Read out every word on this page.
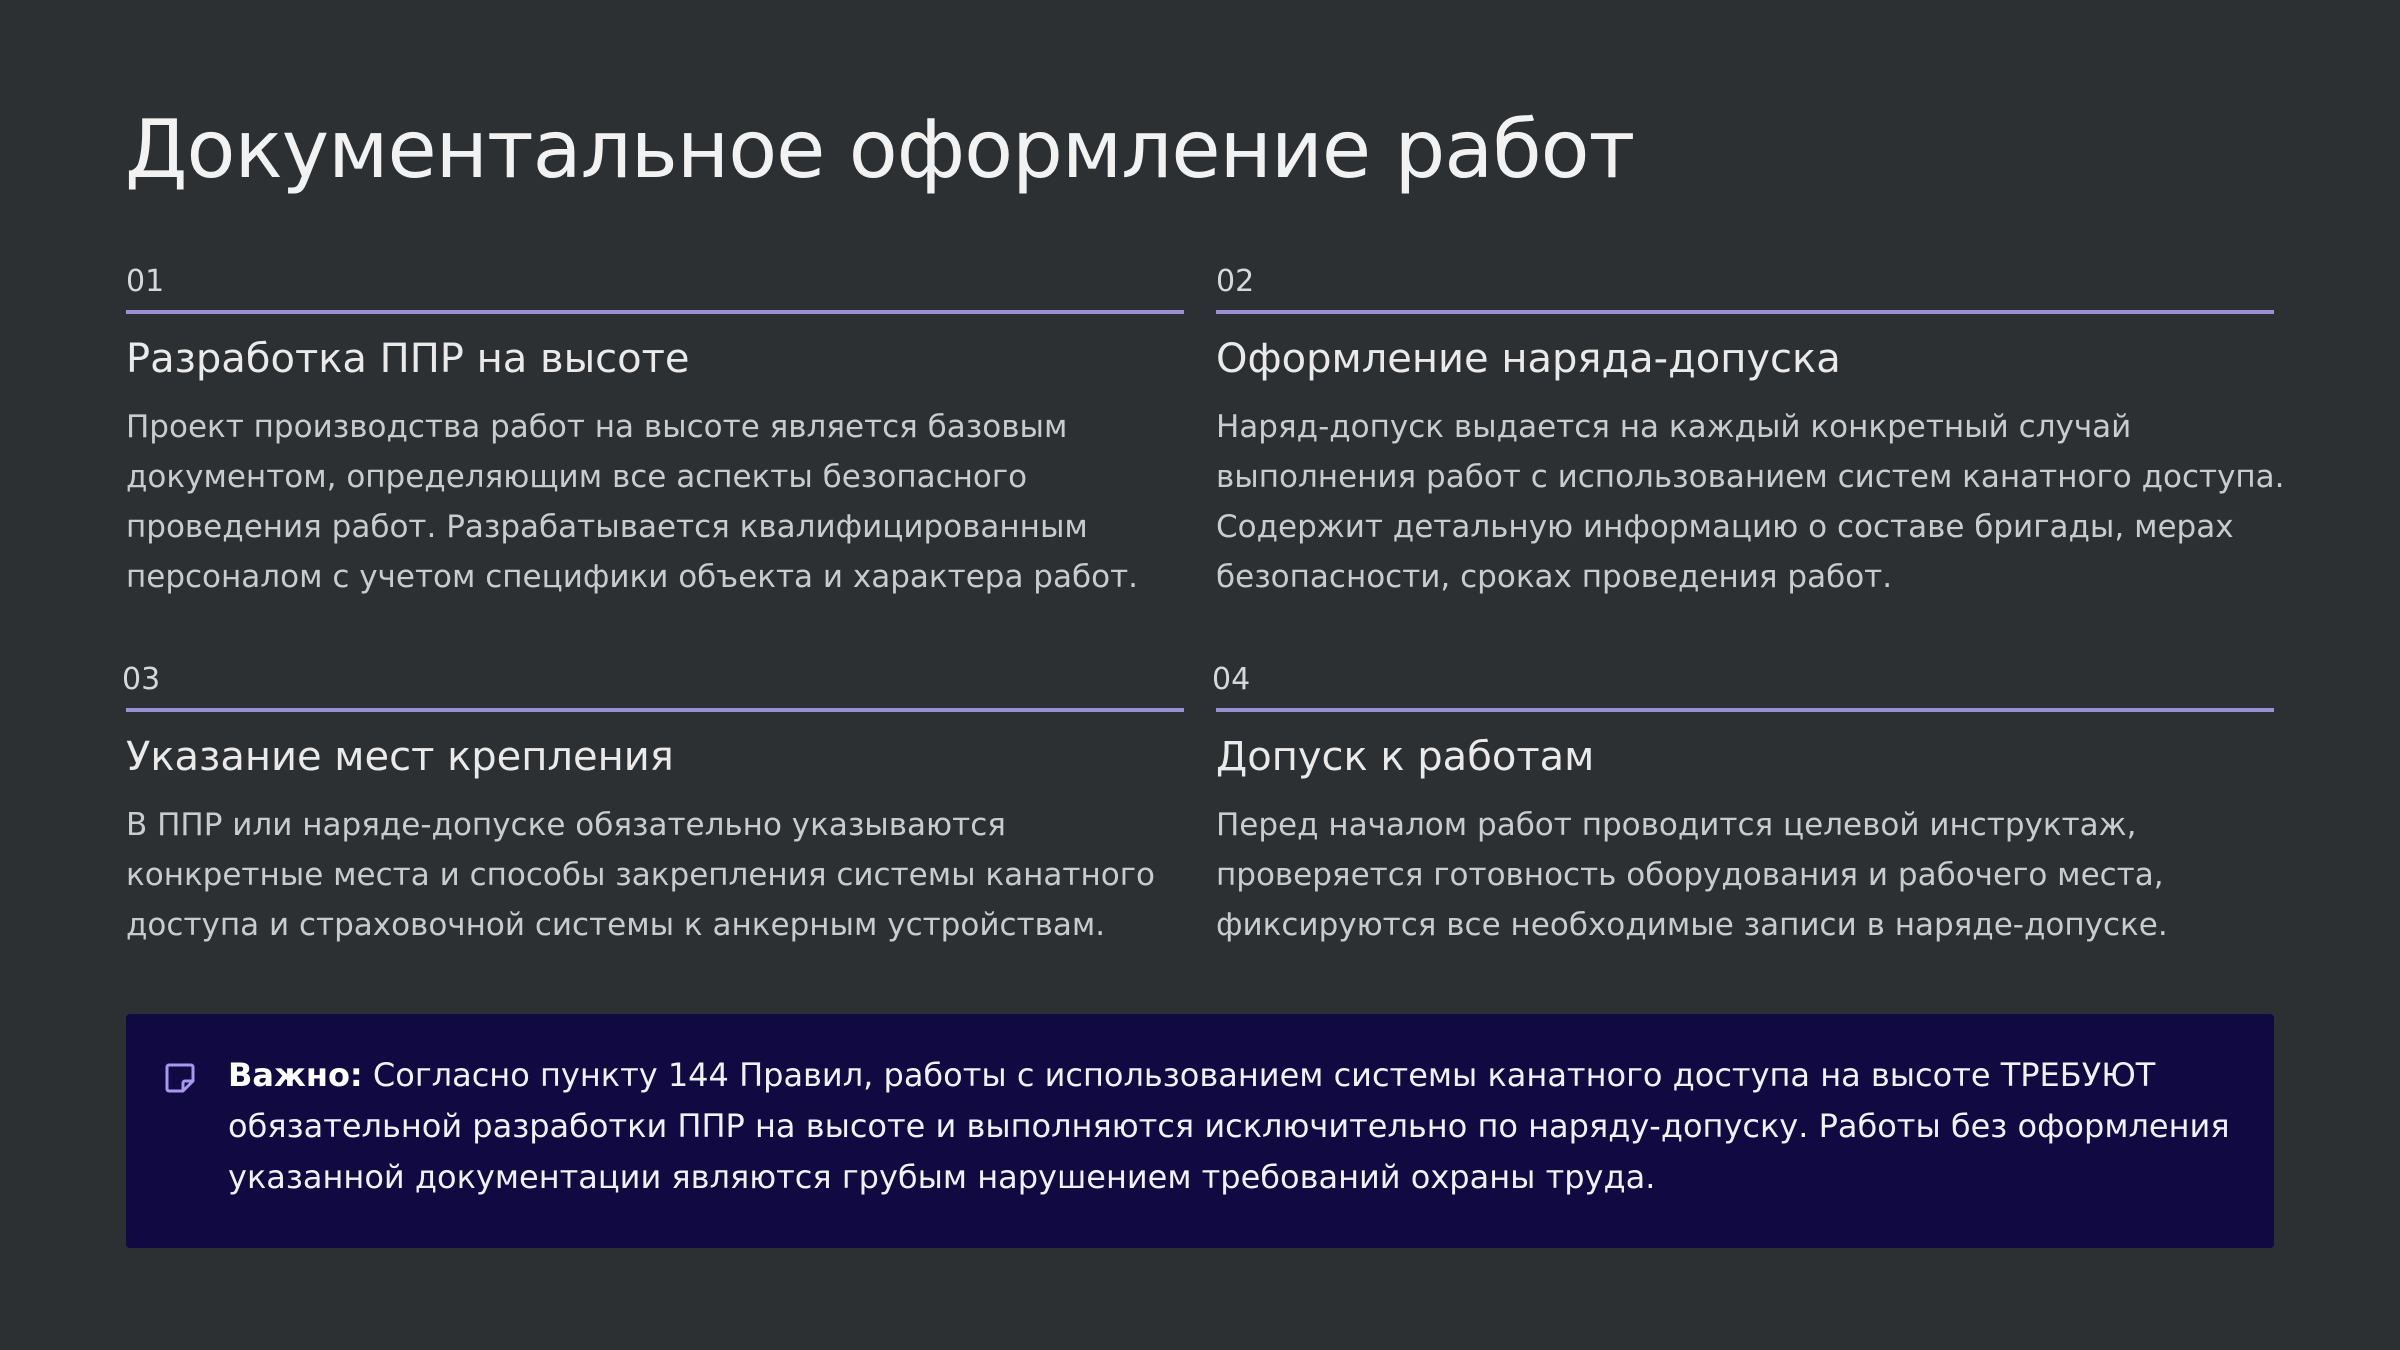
Документальное оформление работ
01
Разработка ППР на высоте

Проект производства работ на высоте является базовым документом, определяющим все аспекты безопасного проведения работ. Разрабатывается квалифицированным персоналом с учетом специфики объекта и характера работ.

02
Оформление наряда-допуска

Наряд-допуск выдается на каждый конкретный случай выполнения работ с использованием систем канатного доступа. Содержит детальную информацию о составе бригады, мерах безопасности, сроках проведения работ.

03
Указание мест крепления

В ППР или наряде-допуске обязательно указываются конкретные места и способы закрепления системы канатного доступа и страховочной системы к анкерным устройствам.

04
Допуск к работам

Перед началом работ проводится целевой инструктаж, проверяется готовность оборудования и рабочего места, фиксируются все необходимые записи в наряде-допуске.

Важно: Согласно пункту 144 Правил, работы с использованием системы канатного доступа на высоте ТРЕБУЮТ обязательной разработки ППР на высоте и выполняются исключительно по наряду-допуску. Работы без оформления указанной документации являются грубым нарушением требований охраны труда.
